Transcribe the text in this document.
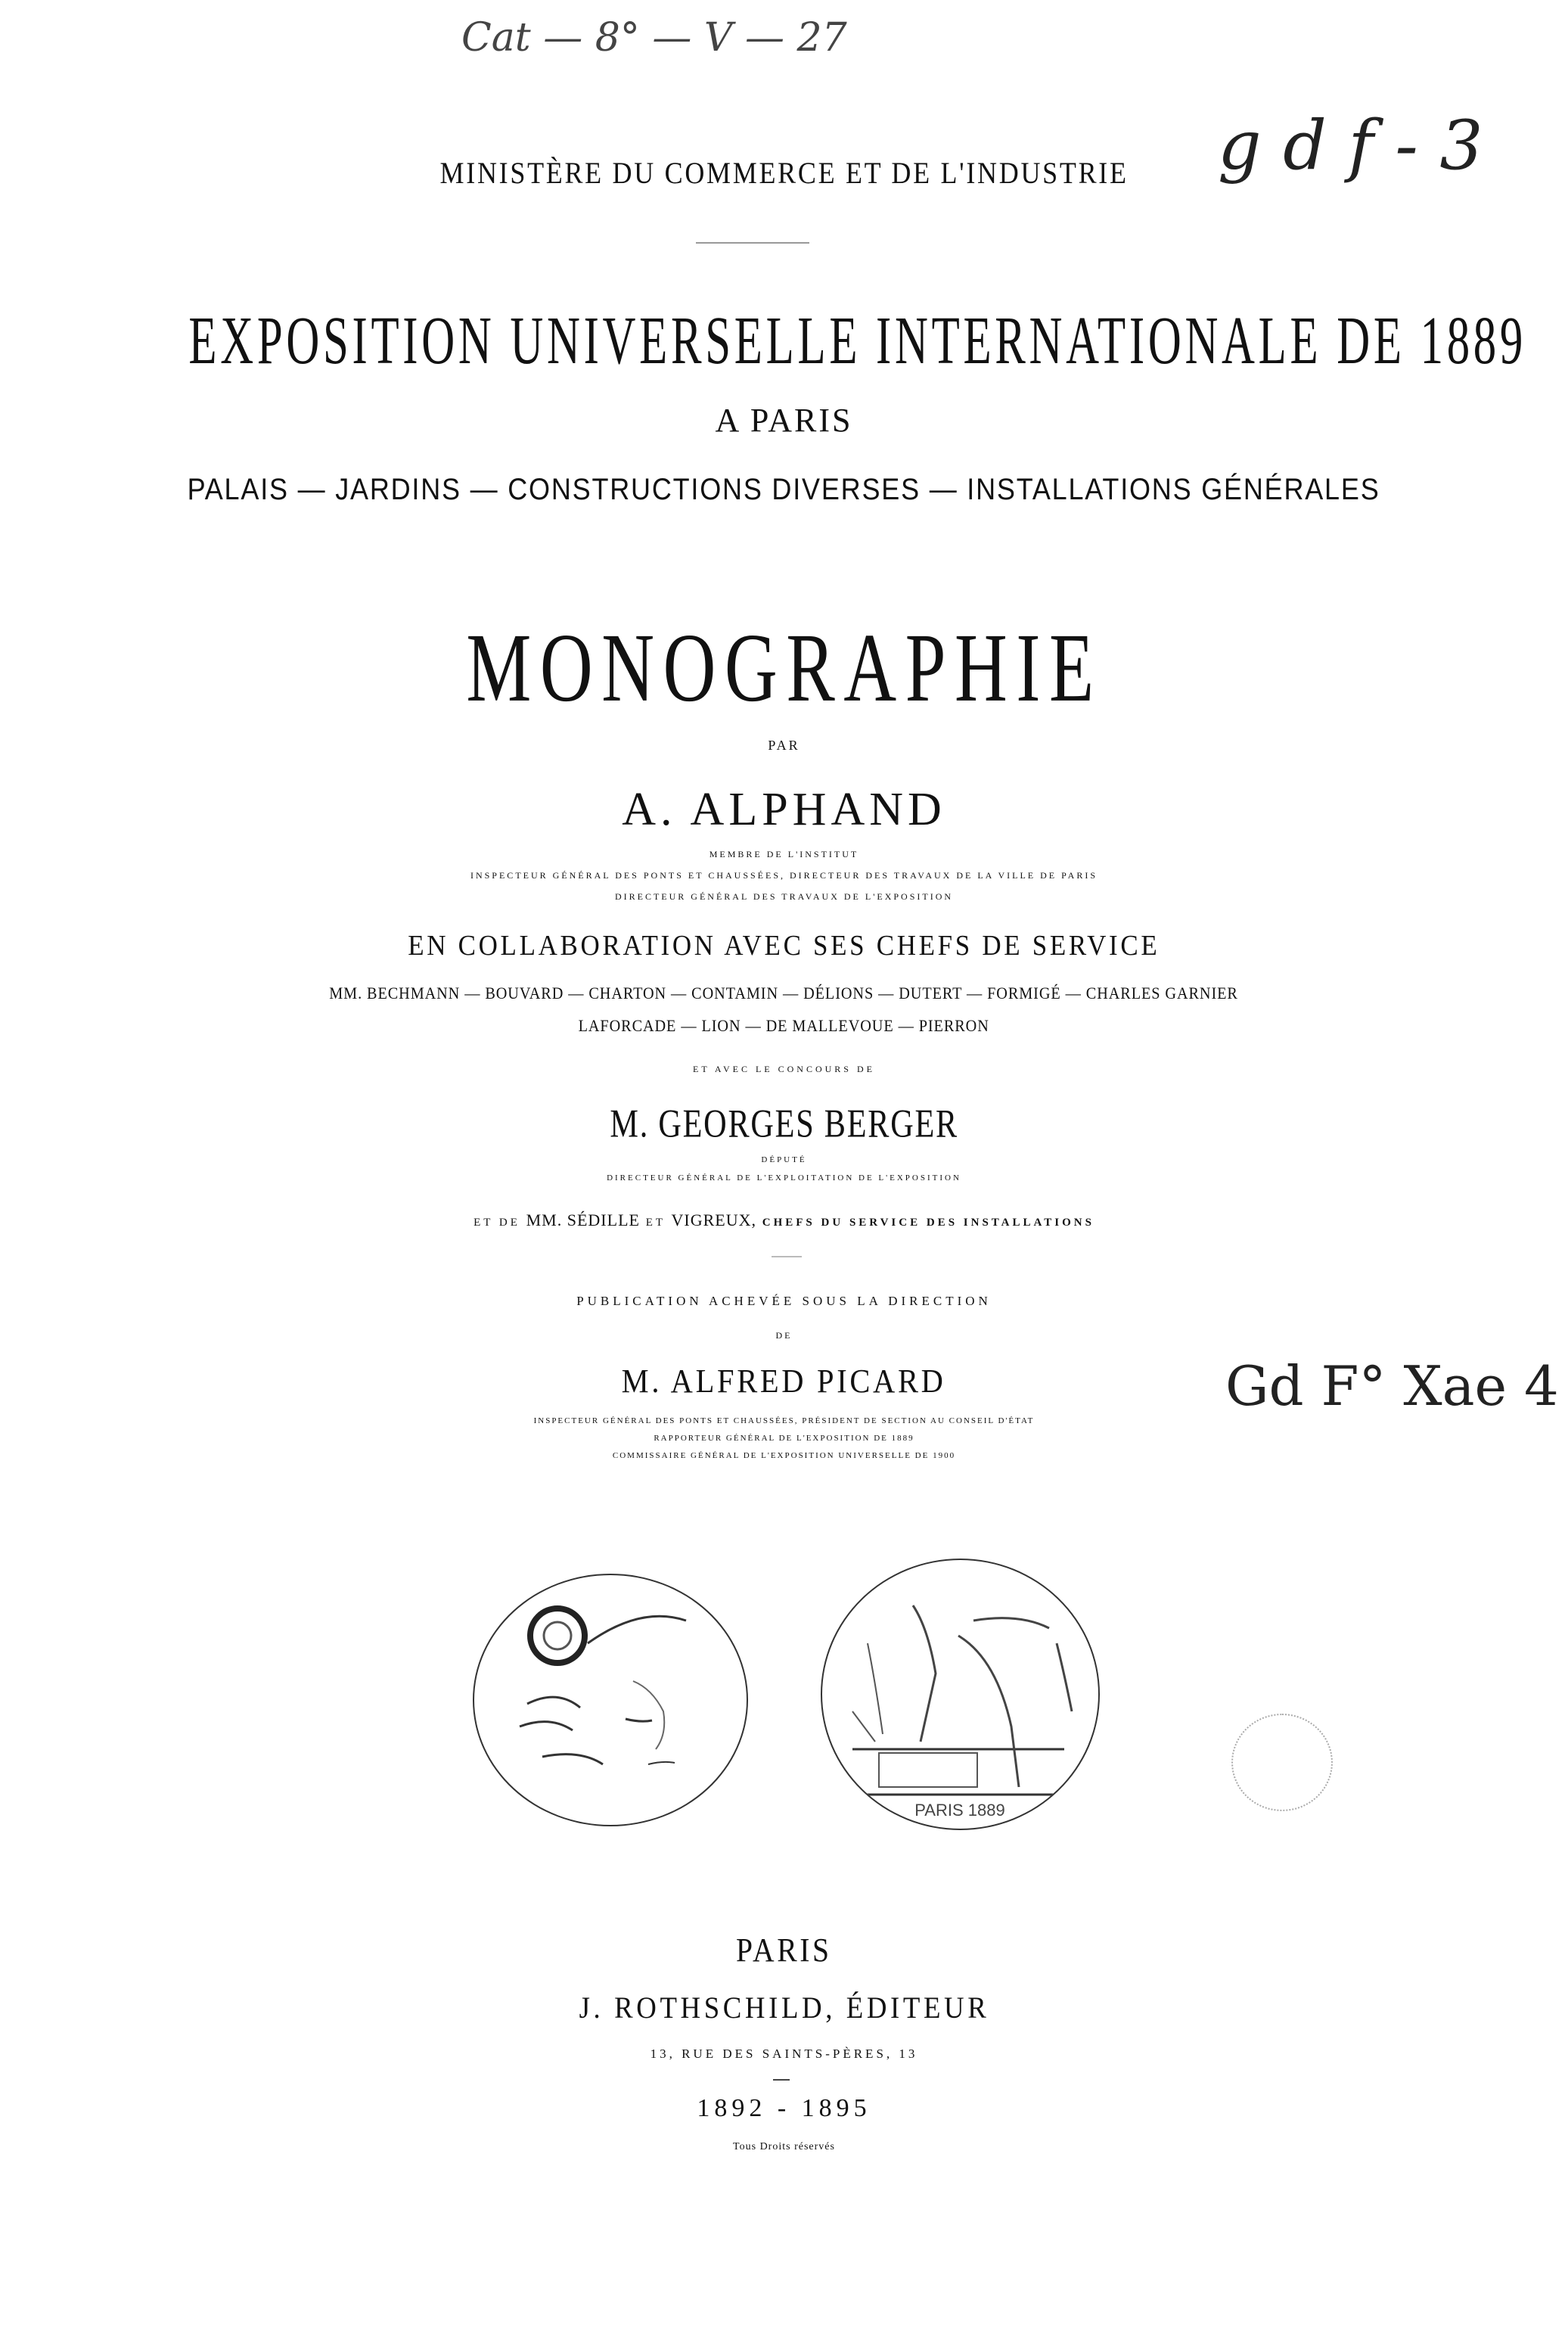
Cat — 8° — V — 27
g d f - 3
Gd F° Xae 4
MINISTÈRE DU COMMERCE ET DE L'INDUSTRIE
EXPOSITION UNIVERSELLE INTERNATIONALE DE 1889
A PARIS
PALAIS — JARDINS — CONSTRUCTIONS DIVERSES — INSTALLATIONS GÉNÉRALES
MONOGRAPHIE
PAR
A. ALPHAND
MEMBRE DE L'INSTITUT
INSPECTEUR GÉNÉRAL DES PONTS ET CHAUSSÉES, DIRECTEUR DES TRAVAUX DE LA VILLE DE PARIS
DIRECTEUR GÉNÉRAL DES TRAVAUX DE L'EXPOSITION
EN COLLABORATION AVEC SES CHEFS DE SERVICE
MM. BECHMANN — BOUVARD — CHARTON — CONTAMIN — DÉLIONS — DUTERT — FORMIGÉ — CHARLES GARNIER
LAFORCADE — LION — DE MALLEVOUE — PIERRON
ET AVEC LE CONCOURS DE
M. GEORGES BERGER
DÉPUTÉ
DIRECTEUR GÉNÉRAL DE L'EXPLOITATION DE L'EXPOSITION
ET DE MM. SÉDILLE ET VIGREUX, CHEFS DU SERVICE DES INSTALLATIONS
PUBLICATION ACHEVÉE SOUS LA DIRECTION
DE
M. ALFRED PICARD
INSPECTEUR GÉNÉRAL DES PONTS ET CHAUSSÉES, PRÉSIDENT DE SECTION AU CONSEIL D'ÉTAT
RAPPORTEUR GÉNÉRAL DE L'EXPOSITION DE 1889
COMMISSAIRE GÉNÉRAL DE L'EXPOSITION UNIVERSELLE DE 1900
PARIS 1889
PARIS
J. ROTHSCHILD, ÉDITEUR
13, RUE DES SAINTS-PÈRES, 13
1892 - 1895
Tous Droits réservés
